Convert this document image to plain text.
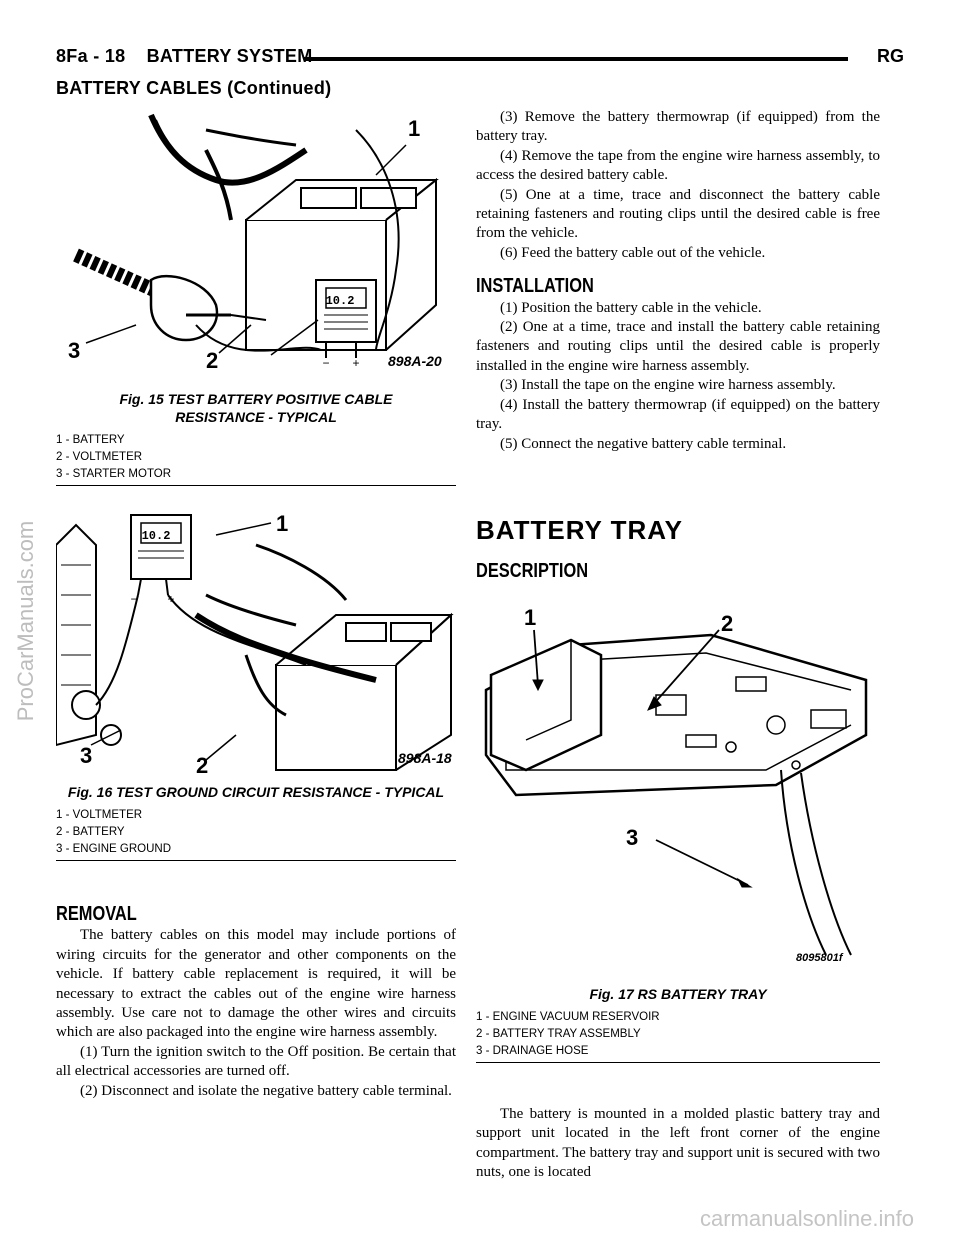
8Fa - 18    BATTERY SYSTEM	RG
BATTERY CABLES (Continued)
ProCarManuals.com
carmanualsonline.info
10.2
− +
1
2
3	898A-20
Fig. 15 TEST BATTERY POSITIVE CABLE RESISTANCE - TYPICAL
1 - BATTERY
2 - VOLTMETER
3 - STARTER MOTOR
10.2
− +
1
2
3	898A-18
Fig. 16 TEST GROUND CIRCUIT RESISTANCE - TYPICAL
1 - VOLTMETER
2 - BATTERY
3 - ENGINE GROUND
REMOVAL

The battery cables on this model may include portions of wiring circuits for the generator and other components on the vehicle. If battery cable replacement is required, it will be necessary to extract the cables out of the engine wire harness assembly. Use care not to damage the other wires and circuits which are also packaged into the engine wire harness assembly.

(1) Turn the ignition switch to the Off position. Be certain that all electrical accessories are turned off.

(2) Disconnect and isolate the negative battery cable terminal.

(3) Remove the battery thermowrap (if equipped) from the battery tray.

(4) Remove the tape from the engine wire harness assembly, to access the desired battery cable.

(5) One at a time, trace and disconnect the battery cable retaining fasteners and routing clips until the desired cable is free from the vehicle.

(6) Feed the battery cable out of the vehicle.

INSTALLATION

(1) Position the battery cable in the vehicle.

(2) One at a time, trace and install the battery cable retaining fasteners and routing clips until the desired cable is properly installed in the engine wire harness assembly.

(3) Install the tape on the engine wire harness assembly.

(4) Install the battery thermowrap (if equipped) on the battery tray.

(5) Connect the negative battery cable terminal.

BATTERY TRAY
DESCRIPTION
1	2
3
8095801f
Fig. 17 RS BATTERY TRAY
1 - ENGINE VACUUM RESERVOIR
2 - BATTERY TRAY ASSEMBLY
3 - DRAINAGE HOSE

The battery is mounted in a molded plastic battery tray and support unit located in the left front corner of the engine compartment. The battery tray and support unit is secured with two nuts, one is located
